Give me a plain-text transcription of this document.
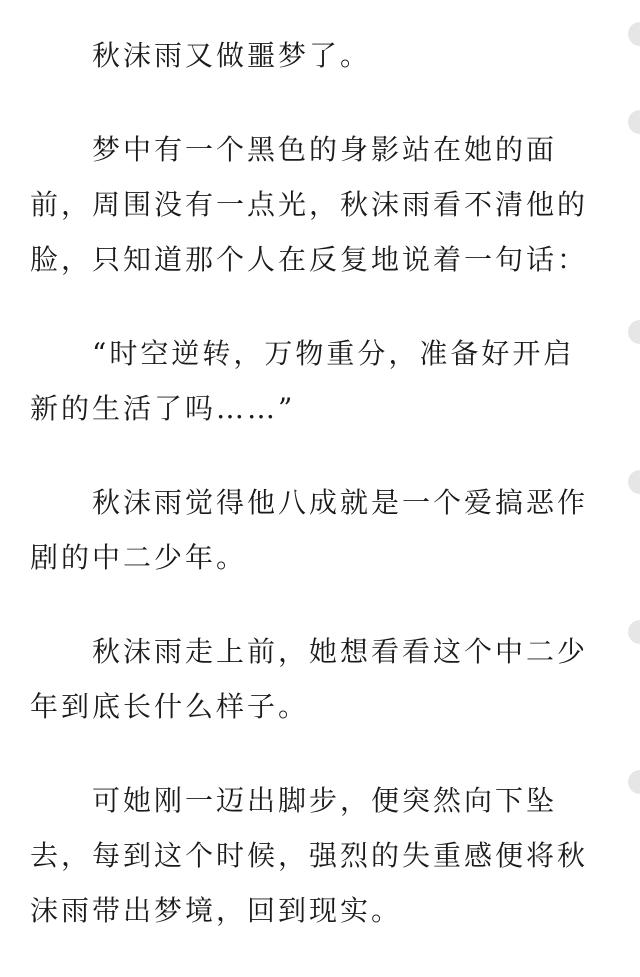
秋沫雨又做噩梦了。

梦中有一个黑色的身影站在她的面前，周围没有一点光，秋沫雨看不清他的脸，只知道那个人在反复地说着一句话：

“时空逆转，万物重分，准备好开启新的生活了吗……”

秋沫雨觉得他八成就是一个爱搞恶作剧的中二少年。

秋沫雨走上前，她想看看这个中二少年到底长什么样子。

可她刚一迈出脚步，便突然向下坠去，每到这个时候，强烈的失重感便将秋沫雨带出梦境，回到现实。
